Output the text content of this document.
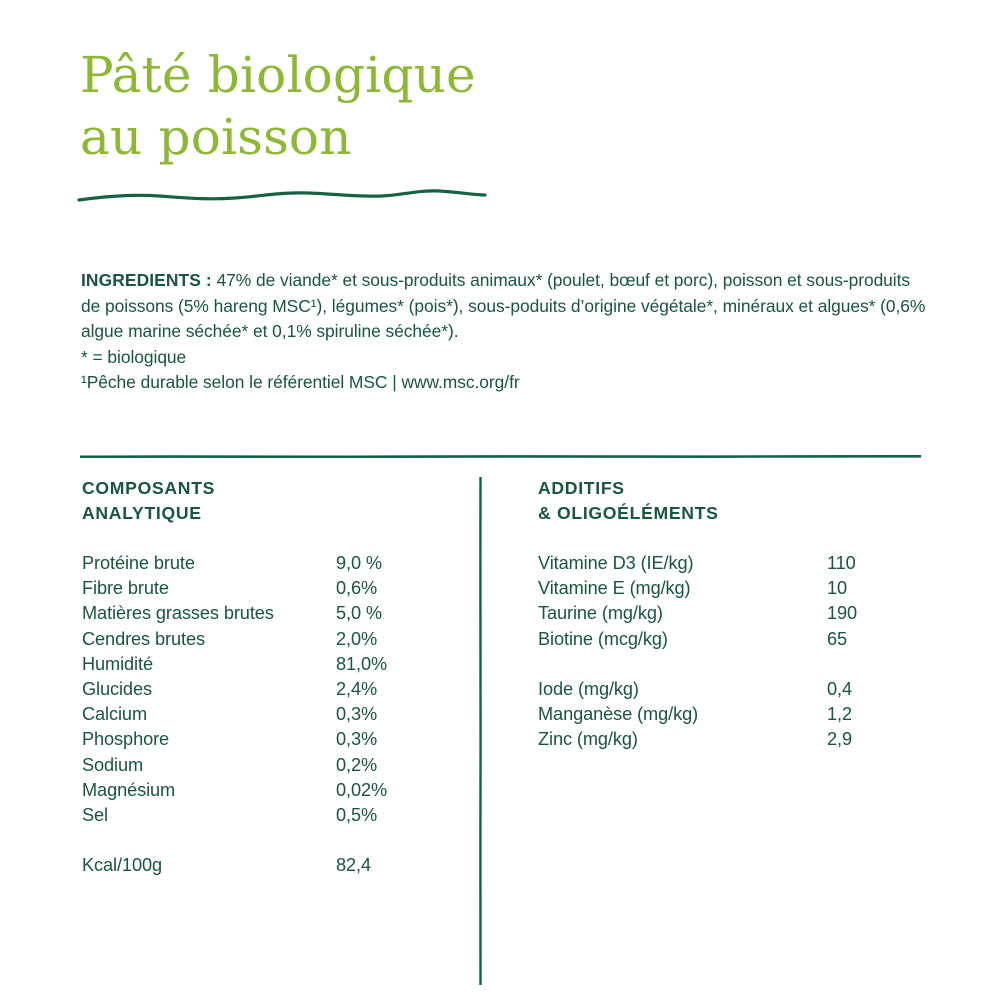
Pâté biologique
au poisson
INGREDIENTS : 47% de viande* et sous-produits animaux* (poulet, bœuf et porc), poisson et sous-produits de poissons (5% hareng MSC¹), légumes* (pois*), sous-poduits d’origine végétale*, minéraux et algues* (0,6% algue marine séchée* et 0,1% spiruline séchée*).
* = biologique
¹Pêche durable selon le référentiel MSC | www.msc.org/fr
COMPOSANTS
ANALYTIQUE
Protéine brute	9,0 %
Fibre brute	0,6%
Matières grasses brutes	5,0 %
Cendres brutes	2,0%
Humidité	81,0%
Glucides	2,4%
Calcium	0,3%
Phosphore	0,3%
Sodium	0,2%
Magnésium	0,02%
Sel	0,5%
Kcal/100g	82,4
ADDITIFS
& OLIGOÉLÉMENTS
Vitamine D3 (IE/kg)	110
Vitamine E (mg/kg)	10
Taurine (mg/kg)	190
Biotine (mcg/kg)	65
Iode (mg/kg)	0,4
Manganèse (mg/kg)	1,2
Zinc (mg/kg)	2,9
